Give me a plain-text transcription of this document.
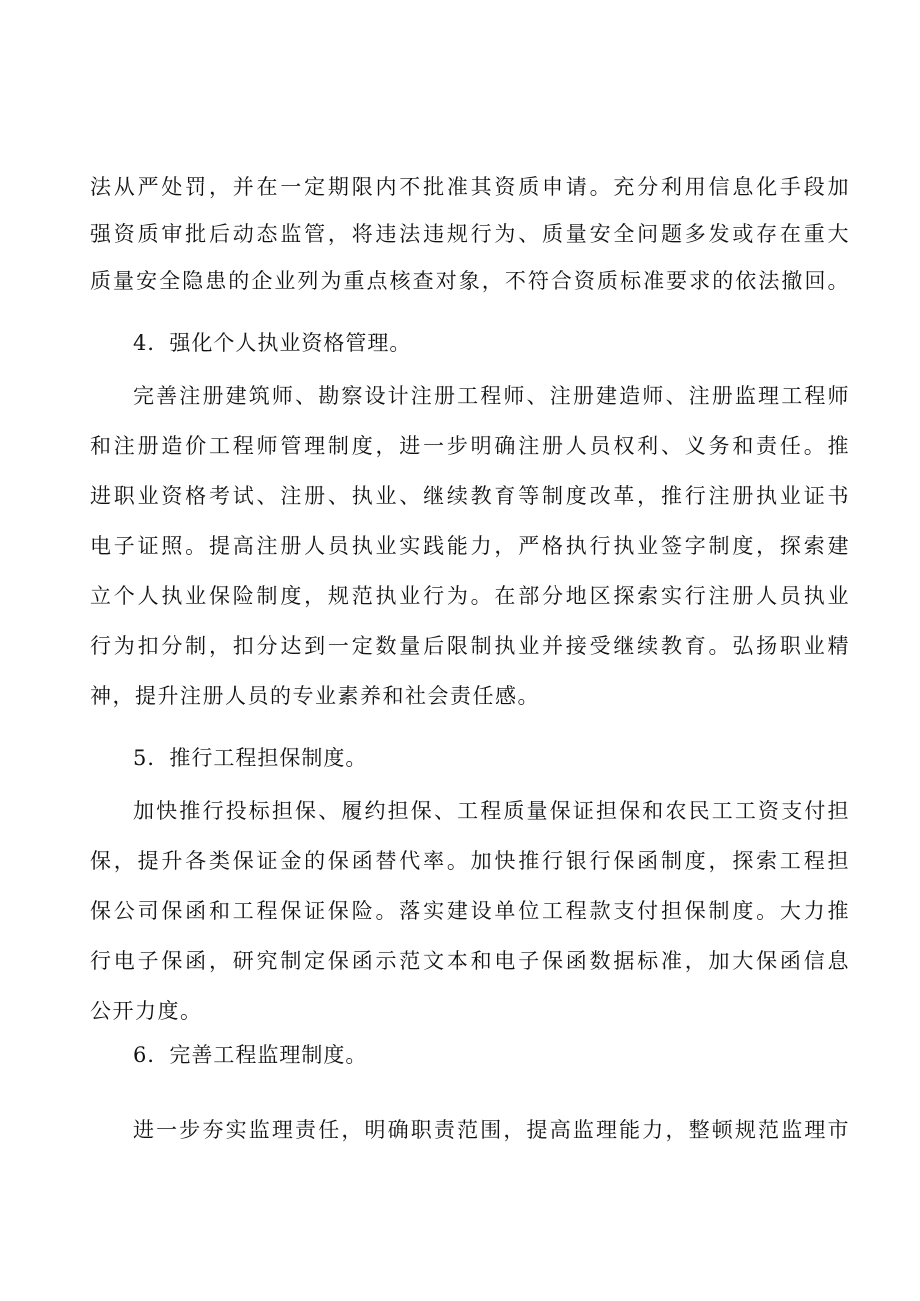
法从严处罚，并在一定期限内不批准其资质申请。充分利用信息化手段加
强资质审批后动态监管，将违法违规行为、质量安全问题多发或存在重大
质量安全隐患的企业列为重点核查对象，不符合资质标准要求的依法撤回。
4．强化个人执业资格管理。
完善注册建筑师、勘察设计注册工程师、注册建造师、注册监理工程师
和注册造价工程师管理制度，进一步明确注册人员权利、义务和责任。推
进职业资格考试、注册、执业、继续教育等制度改革，推行注册执业证书
电子证照。提高注册人员执业实践能力，严格执行执业签字制度，探索建
立个人执业保险制度，规范执业行为。在部分地区探索实行注册人员执业
行为扣分制，扣分达到一定数量后限制执业并接受继续教育。弘扬职业精
神，提升注册人员的专业素养和社会责任感。
5．推行工程担保制度。
加快推行投标担保、履约担保、工程质量保证担保和农民工工资支付担
保，提升各类保证金的保函替代率。加快推行银行保函制度，探索工程担
保公司保函和工程保证保险。落实建设单位工程款支付担保制度。大力推
行电子保函，研究制定保函示范文本和电子保函数据标准，加大保函信息
公开力度。
6．完善工程监理制度。
进一步夯实监理责任，明确职责范围，提高监理能力，整顿规范监理市
